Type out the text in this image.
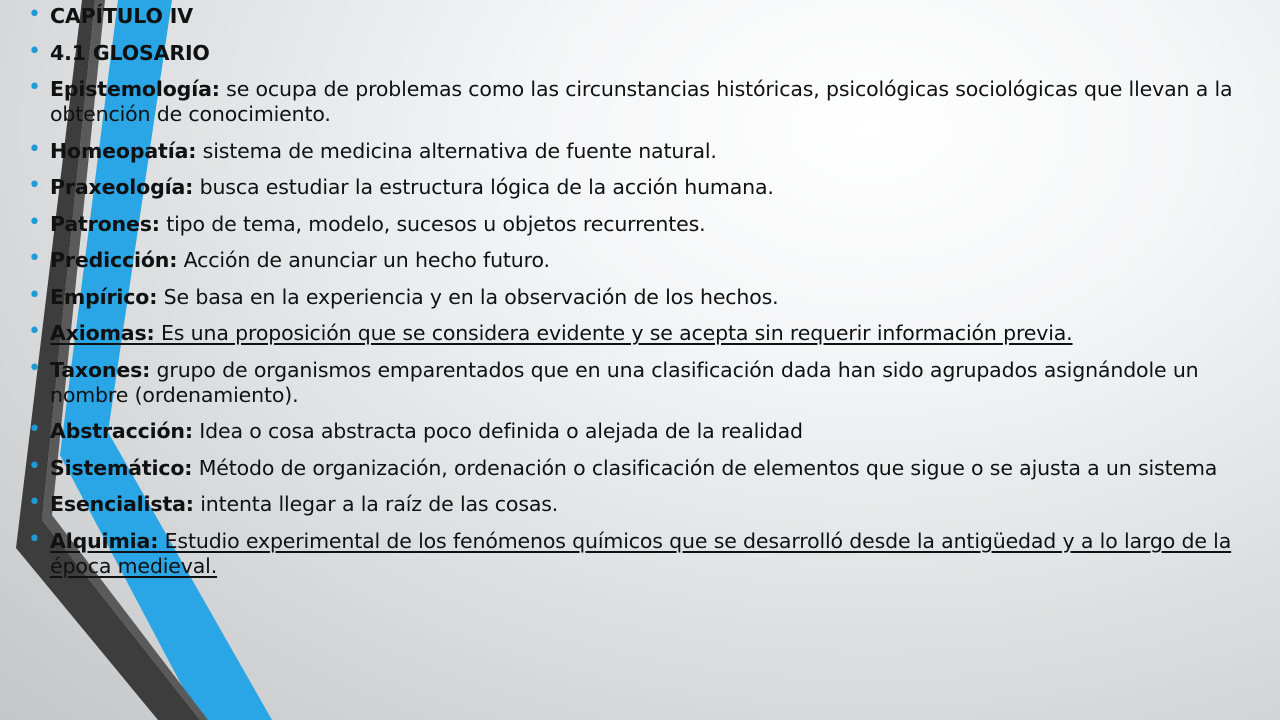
• CAPÍTULO IV
• 4.1 GLOSARIO
• Epistemología: se ocupa de problemas como las circunstancias históricas, psicológicas sociológicas que llevan a la obtención de conocimiento.
• Homeopatía: sistema de medicina alternativa de fuente natural.
• Praxeología: busca estudiar la estructura lógica de la acción humana.
• Patrones: tipo de tema, modelo, sucesos u objetos recurrentes.
• Predicción: Acción de anunciar un hecho futuro.
• Empírico: Se basa en la experiencia y en la observación de los hechos.
• Axiomas: Es una proposición que se considera evidente y se acepta sin requerir información previa.
• Taxones: grupo de organismos emparentados que en una clasificación dada han sido agrupados asignándole un nombre (ordenamiento).
• Abstracción: Idea o cosa abstracta poco definida o alejada de la realidad
• Sistemático: Método de organización, ordenación o clasificación de elementos que sigue o se ajusta a un sistema
• Esencialista: intenta llegar a la raíz de las cosas.
• Alquimia: Estudio experimental de los fenómenos químicos que se desarrolló desde la antigüedad y a lo largo de la época medieval.
